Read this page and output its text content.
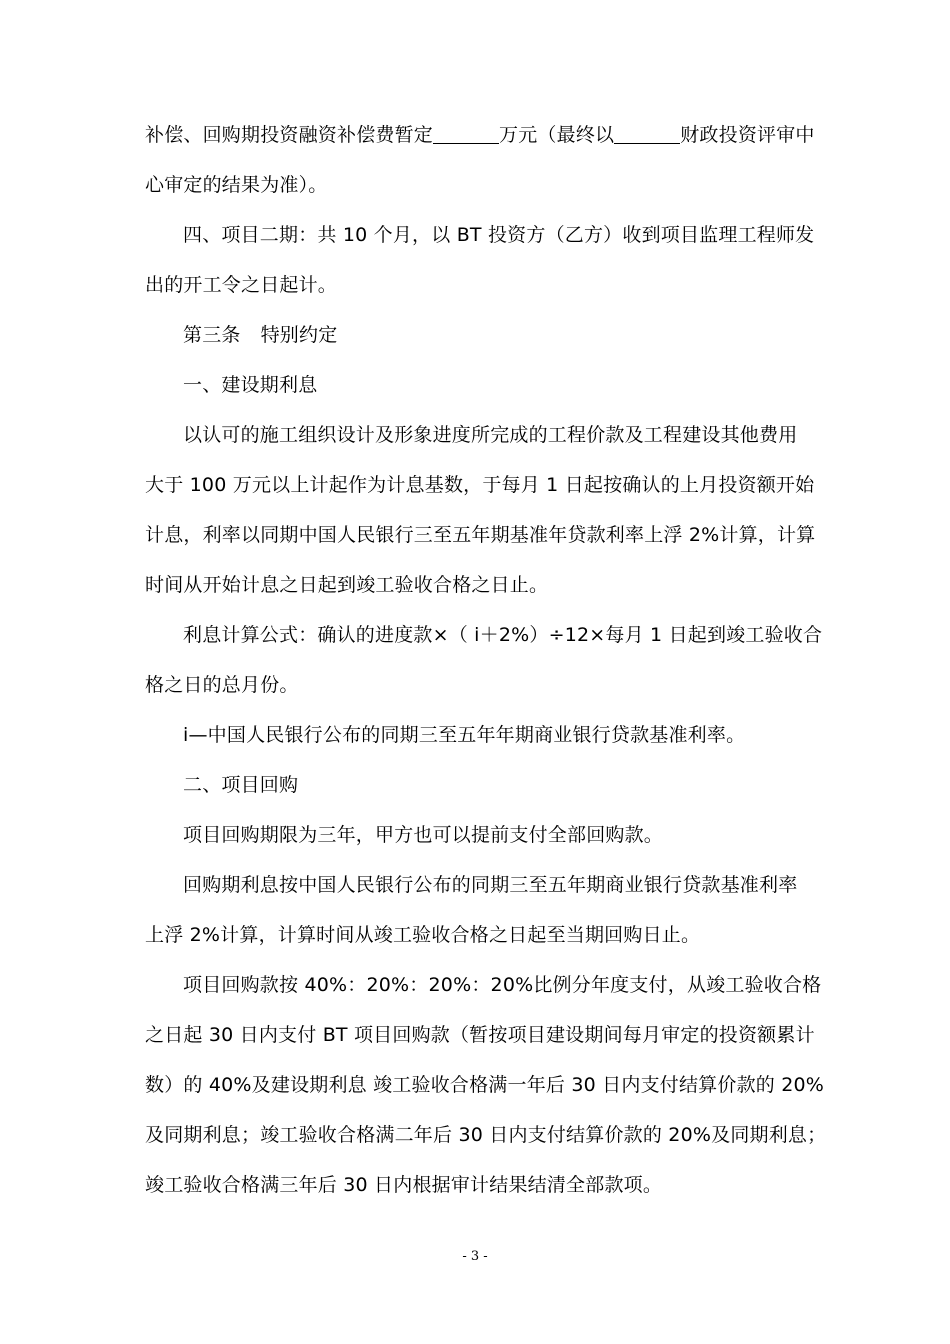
补偿、回购期投资融资补偿费暂定	万元（最终以	财政投资评审中
心审定的结果为准）。
四、项目二期：共 10 个月，以 BT 投资方（乙方）收到项目监理工程师发
出的开工令之日起计。
第三条 特别约定
一、建设期利息
以认可的施工组织设计及形象进度所完成的工程价款及工程建设其他费用
大于 100 万元以上计起作为计息基数，于每月 1 日起按确认的上月投资额开始
计息，利率以同期中国人民银行三至五年期基准年贷款利率上浮 2%计算，计算
时间从开始计息之日起到竣工验收合格之日止。
利息计算公式：确认的进度款×（ i＋2%）÷12×每月 1 日起到竣工验收合
格之日的总月份。
i—中国人民银行公布的同期三至五年年期商业银行贷款基准利率。
二、项目回购
项目回购期限为三年，甲方也可以提前支付全部回购款。
回购期利息按中国人民银行公布的同期三至五年期商业银行贷款基准利率
上浮 2%计算，计算时间从竣工验收合格之日起至当期回购日止。
项目回购款按 40%：20%：20%：20%比例分年度支付，从竣工验收合格
之日起 30 日内支付 BT 项目回购款（暂按项目建设期间每月审定的投资额累计
数）的 40%及建设期利息 竣工验收合格满一年后 30 日内支付结算价款的 20%
及同期利息；竣工验收合格满二年后 30 日内支付结算价款的 20%及同期利息；
竣工验收合格满三年后 30 日内根据审计结果结清全部款项。
- 3 -
